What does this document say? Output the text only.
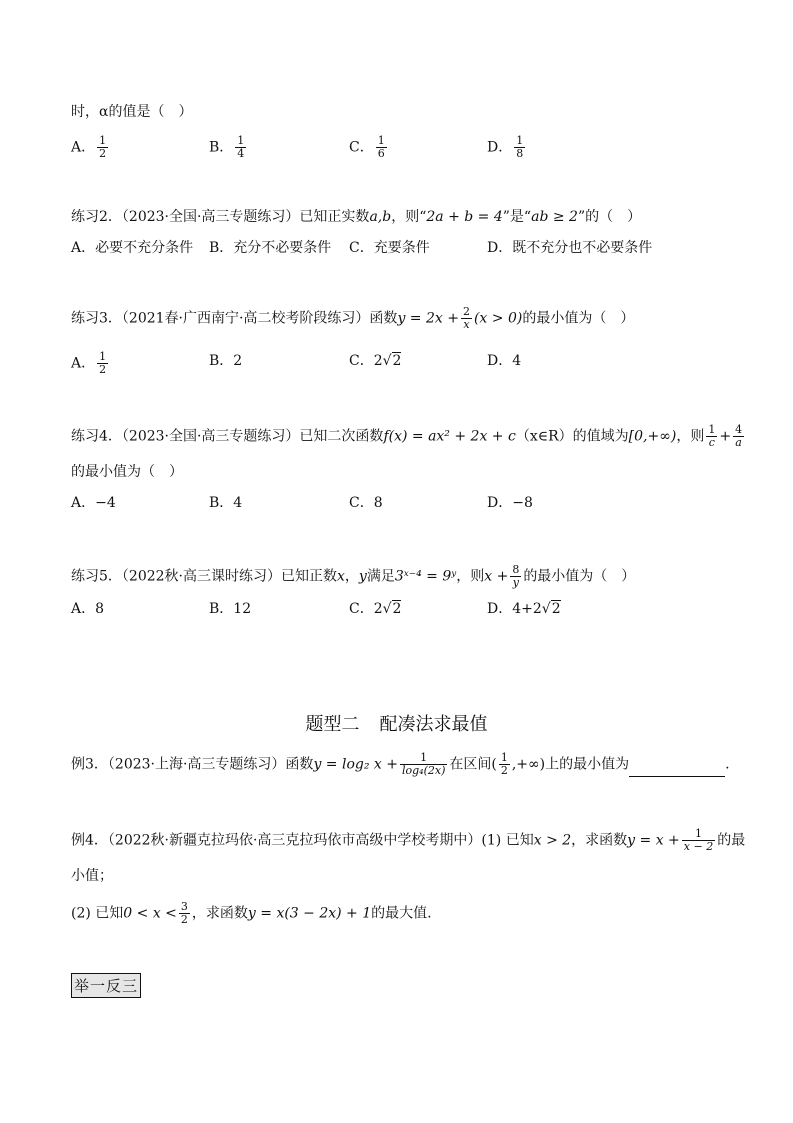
时，α的值是（　）
A． $\frac{1}{2}$	B． $\frac{1}{4}$	C． $\frac{1}{6}$	D． $\frac{1}{8}$
练习2．（2023·全国·高三专题练习）已知正实数a,b，则“2a + b = 4”是“ab ≥ 2”的（　）
A．必要不充分条件 B．充分不必要条件 C．充要条件	D．既不充分也不必要条件
练习3．（2021春·广西南宁·高二校考阶段练习）函数$y = 2x + \frac{2}{x} (x > 0)$的最小值为（　）
A． $\frac{1}{2}$	B．2	C．2√2	D．4
练习4．（2023·全国·高三专题练习）已知二次函数f(x) = ax² + 2x + c（x∈R）的值域为[0,+∞)，则 $\frac{1}{c} + \frac{4}{a}$
的最小值为（　）
A．−4	B．4	C．8	D．−8
练习5．（2022秋·高三课时练习）已知正数x，y满足3ˣ⁻⁴ = 9ʸ，则$x + \frac{8}{y}$ 的最小值为（　）
A．8	B．12	C．2√2	D．4+2√2
题型二 配凑法求最值
例3．（2023·上海·高三专题练习）函数y = log₂ $x + \frac{1}{\text{log₄(2x)}}$ 在区间( $\frac{1}{2}$ ,+∞)上的最小值为	.
例4．（2022秋·新疆克拉玛依·高三克拉玛依市高级中学校考期中）(1) 已知x > 2，求函数$y = x + \frac{1}{x - 2}$ 的最
小值；
(2) 已知$0 < x < \frac{3}{2}$ ，求函数y = x(3 − 2x) + 1的最大值.
举一反三
